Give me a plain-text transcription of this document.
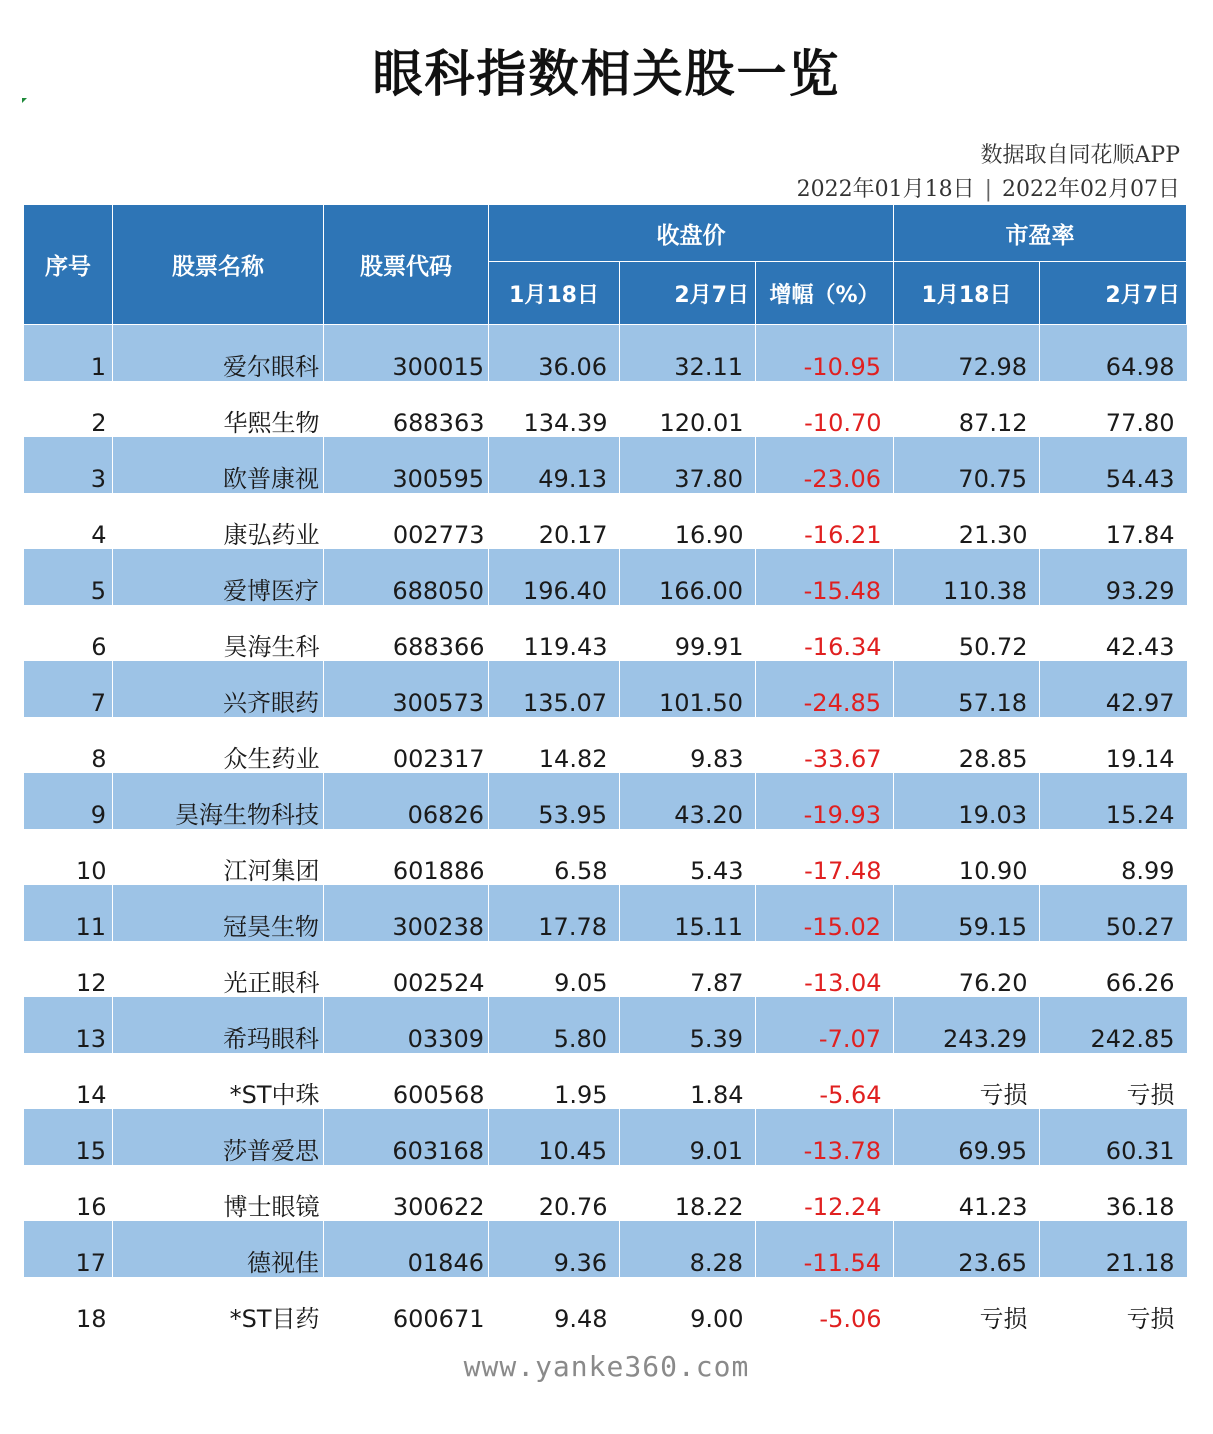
眼科指数相关股一览
数据取自同花顺APP
2022年01月18日 | 2022年02月07日
序号	股票名称	股票代码	收盘价			市盈率	
			1月18日	2月7日	增幅（%）	1月18日	2月7日
1	爱尔眼科	300015	36.06	32.11	-10.95	72.98	64.98
2	华熙生物	688363	134.39	120.01	-10.70	87.12	77.80
3	欧普康视	300595	49.13	37.80	-23.06	70.75	54.43
4	康弘药业	002773	20.17	16.90	-16.21	21.30	17.84
5	爱博医疗	688050	196.40	166.00	-15.48	110.38	93.29
6	昊海生科	688366	119.43	99.91	-16.34	50.72	42.43
7	兴齐眼药	300573	135.07	101.50	-24.85	57.18	42.97
8	众生药业	002317	14.82	9.83	-33.67	28.85	19.14
9	昊海生物科技	06826	53.95	43.20	-19.93	19.03	15.24
10	江河集团	601886	6.58	5.43	-17.48	10.90	8.99
11	冠昊生物	300238	17.78	15.11	-15.02	59.15	50.27
12	光正眼科	002524	9.05	7.87	-13.04	76.20	66.26
13	希玛眼科	03309	5.80	5.39	-7.07	243.29	242.85
14	*ST中珠	600568	1.95	1.84	-5.64	亏损	亏损
15	莎普爱思	603168	10.45	9.01	-13.78	69.95	60.31
16	博士眼镜	300622	20.76	18.22	-12.24	41.23	36.18
17	德视佳	01846	9.36	8.28	-11.54	23.65	21.18
18	*ST目药	600671	9.48	9.00	-5.06	亏损	亏损
www.yanke360.com
